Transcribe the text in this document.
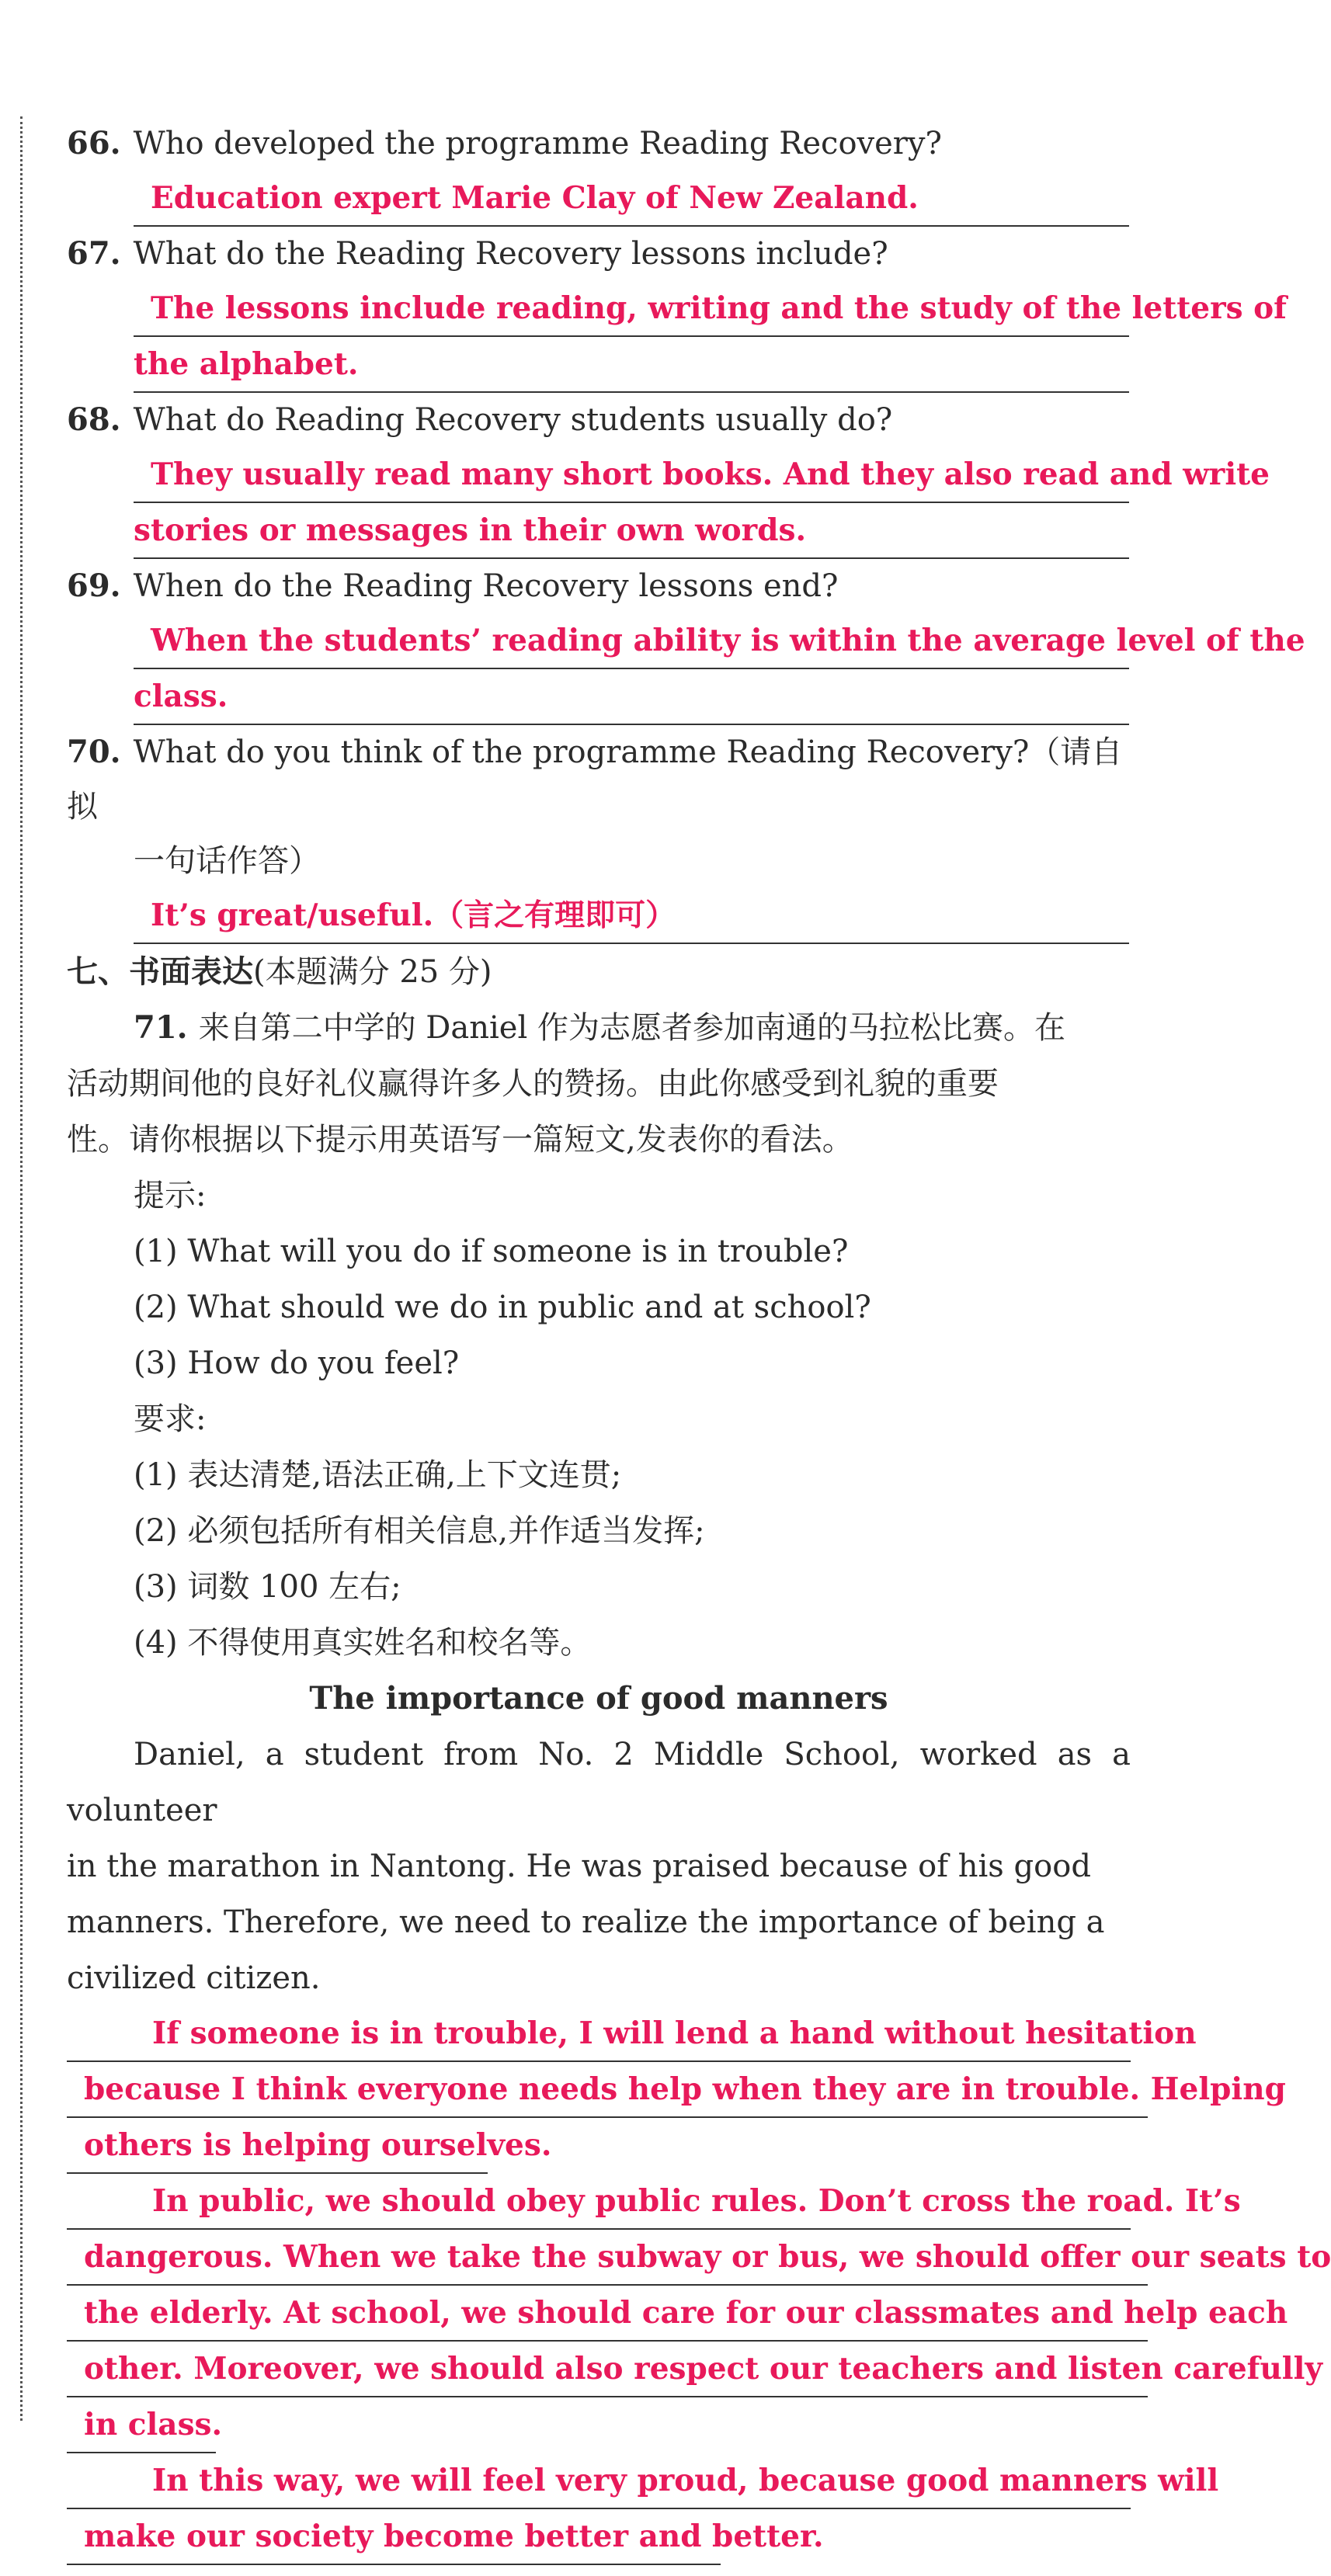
66. Who developed the programme Reading Recovery?

Education expert Marie Clay of New Zealand.

67. What do the Reading Recovery lessons include?

The lessons include reading, writing and the study of the letters of
the alphabet.

68. What do Reading Recovery students usually do?

They usually read many short books. And they also read and write
stories or messages in their own words.

69. When do the Reading Recovery lessons end?

When the students’ reading ability is within the average level of the
class.

70. What do you think of the programme Reading Recovery?（请自拟

一句话作答）

It’s great/useful.（言之有理即可）

七、书面表达(本题满分 25 分)

71. 来自第二中学的 Daniel 作为志愿者参加南通的马拉松比赛。在

活动期间他的良好礼仪赢得许多人的赞扬。由此你感受到礼貌的重要

性。请你根据以下提示用英语写一篇短文,发表你的看法。

提示:

(1) What will you do if someone is in trouble?

(2) What should we do in public and at school?

(3) How do you feel?

要求:

(1) 表达清楚,语法正确,上下文连贯;

(2) 必须包括所有相关信息,并作适当发挥;

(3) 词数 100 左右;

(4) 不得使用真实姓名和校名等。

The importance of good manners

Daniel, a student from No. 2 Middle School, worked as a volunteer

in the marathon in Nantong. He was praised because of his good

manners. Therefore, we need to realize the importance of being a

civilized citizen.

If someone is in trouble, I will lend a hand without hesitation
because I think everyone needs help when they are in trouble. Helping
others is helping ourselves.
In public, we should obey public rules. Don’t cross the road. It’s
dangerous. When we take the subway or bus, we should offer our seats to
the elderly. At school, we should care for our classmates and help each
other. Moreover, we should also respect our teachers and listen carefully
in class.
In this way, we will feel very proud, because good manners will
make our society become better and better.
